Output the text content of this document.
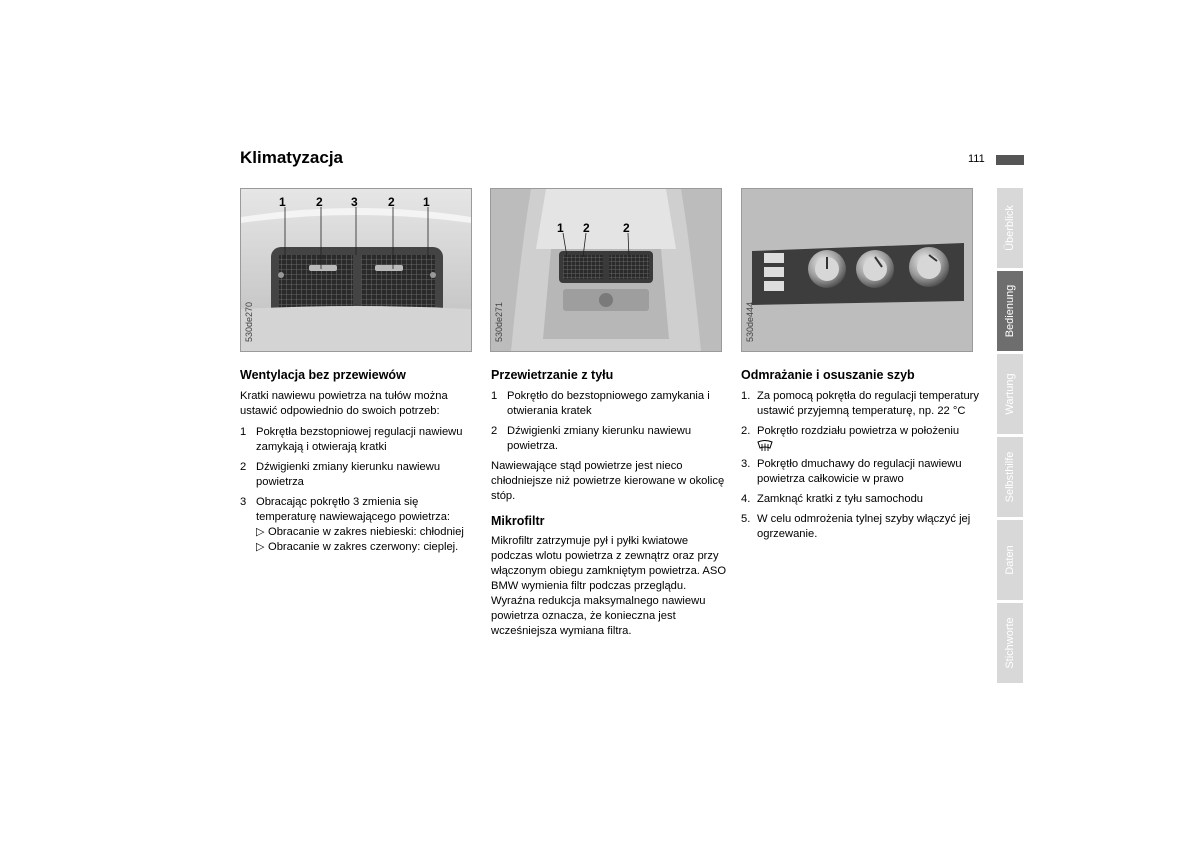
Klimatyzacja	111
1	2 3	2 1
530de270
1 2	2
530de271	530de444
Wentylacja bez przewiewów

Kratki nawiewu powietrza na tułów można ustawić odpowiednio do swoich potrzeb:

1 Pokrętła bezstopniowej regulacji nawiewu zamykają i otwierają kratki
2 Dźwigienki zmiany kierunku nawiewu powietrza
3 Obracając pokrętło 3 zmienia się temperaturę nawiewającego powietrza:
▷ Obracanie w zakres niebieski: chłodniej
▷ Obracanie w zakres czerwony: cieplej.
Przewietrzanie z tyłu
1 Pokrętło do bezstopniowego zamykania i otwierania kratek
2 Dźwigienki zmiany kierunku nawiewu powietrza.

Nawiewające stąd powietrze jest nieco chłodniejsze niż powietrze kierowane w okolicę stóp.

Mikrofiltr

Mikrofiltr zatrzymuje pył i pyłki kwiatowe podczas wlotu powietrza z zewnątrz oraz przy włączonym obiegu zamkniętym powietrza. ASO BMW wymienia filtr podczas przeglądu. Wyraźna redukcja maksymalnego nawiewu powietrza oznacza, że konieczna jest wcześniejsza wymiana filtra.

Odmrażanie i osuszanie szyb
1. Za pomocą pokrętła do regulacji temperatury ustawić przyjemną temperaturę, np. 22 °C
2. Pokrętło rozdziału powietrza w położeniu
3. Pokrętło dmuchawy do regulacji nawiewu powietrza całkowicie w prawo
4. Zamknąć kratki z tyłu samochodu
5. W celu odmrożenia tylnej szyby włączyć jej ogrzewanie.
Überblick
Bedienung
Wartung
Selbsthilfe
Daten
Stichworte
